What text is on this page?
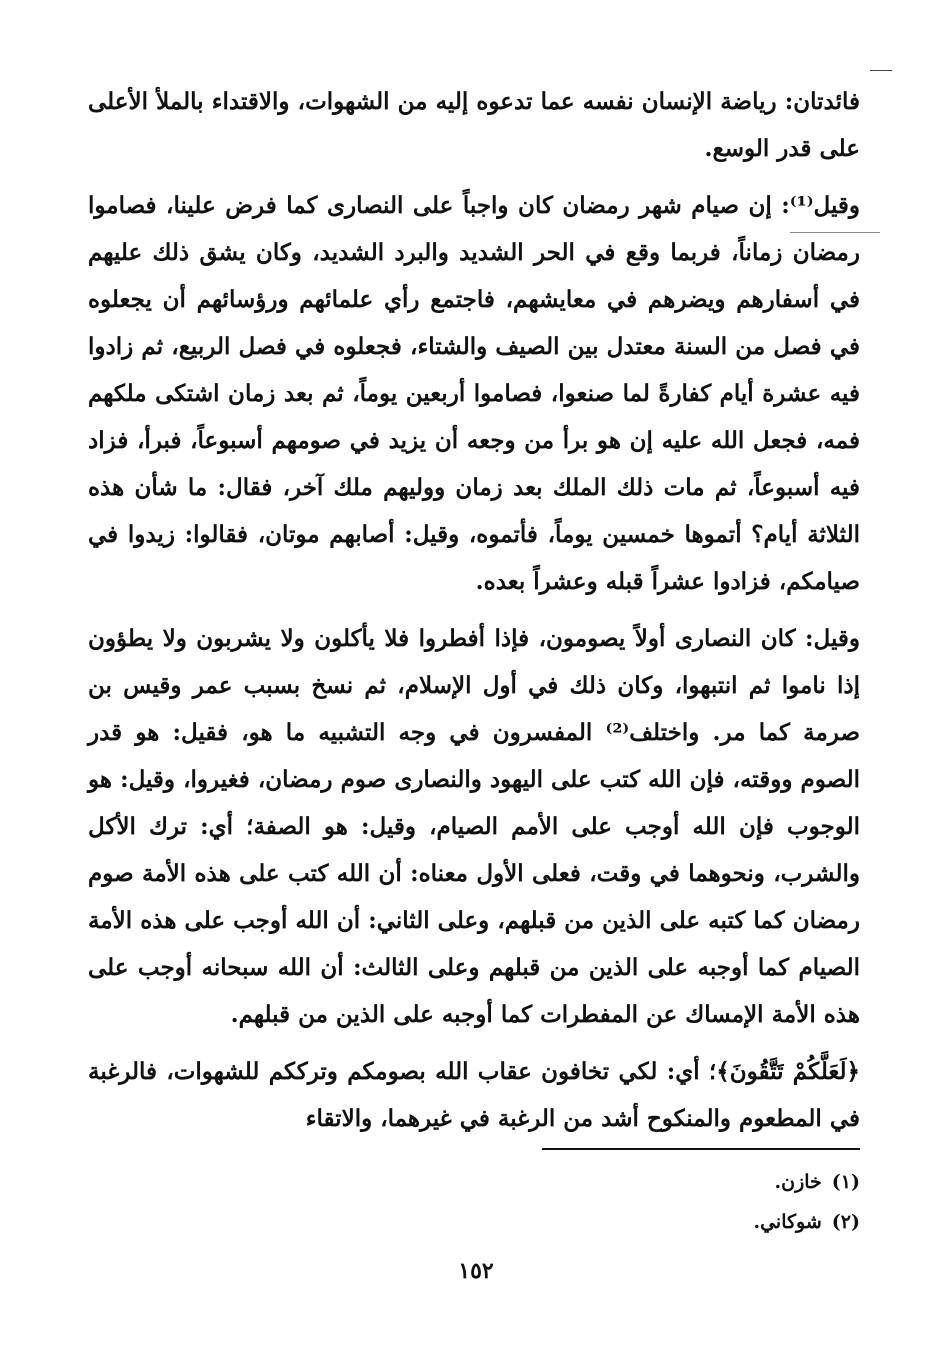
فائدتان: رياضة الإنسان نفسه عما تدعوه إليه من الشهوات، والاقتداء بالملأ الأعلى على قدر الوسع.

وقيل⁽¹⁾: إن صيام شهر رمضان كان واجباً على النصارى كما فرض علينا، فصاموا رمضان زماناً، فربما وقع في الحر الشديد والبرد الشديد، وكان يشق ذلك عليهم في أسفارهم ويضرهم في معايشهم، فاجتمع رأي علمائهم ورؤسائهم أن يجعلوه في فصل من السنة معتدل بين الصيف والشتاء، فجعلوه في فصل الربيع، ثم زادوا فيه عشرة أيام كفارةً لما صنعوا، فصاموا أربعين يوماً، ثم بعد زمان اشتكى ملكهم فمه، فجعل الله عليه إن هو برأ من وجعه أن يزيد في صومهم أسبوعاً، فبرأ، فزاد فيه أسبوعاً، ثم مات ذلك الملك بعد زمان ووليهم ملك آخر، فقال: ما شأن هذه الثلاثة أيام؟ أتموها خمسين يوماً، فأتموه، وقيل: أصابهم موتان، فقالوا: زيدوا في صيامكم، فزادوا عشراً قبله وعشراً بعده.

وقيل: كان النصارى أولاً يصومون، فإذا أفطروا فلا يأكلون ولا يشربون ولا يطؤون إذا ناموا ثم انتبهوا، وكان ذلك في أول الإسلام، ثم نسخ بسبب عمر وقيس بن صرمة كما مر. واختلف⁽²⁾ المفسرون في وجه التشبيه ما هو، فقيل: هو قدر الصوم ووقته، فإن الله كتب على اليهود والنصارى صوم رمضان، فغيروا، وقيل: هو الوجوب فإن الله أوجب على الأمم الصيام، وقيل: هو الصفة؛ أي: ترك الأكل والشرب، ونحوهما في وقت، فعلى الأول معناه: أن الله كتب على هذه الأمة صوم رمضان كما كتبه على الذين من قبلهم، وعلى الثاني: أن الله أوجب على هذه الأمة الصيام كما أوجبه على الذين من قبلهم وعلى الثالث: أن الله سبحانه أوجب على هذه الأمة الإمساك عن المفطرات كما أوجبه على الذين من قبلهم.

﴿لَعَلَّكُمْ تَتَّقُونَ﴾؛ أي: لكي تخافون عقاب الله بصومكم وترككم للشهوات، فالرغبة في المطعوم والمنكوح أشد من الرغبة في غيرهما، والاتقاء

(١)خازن.
(٢)شوكاني.
١٥٢
